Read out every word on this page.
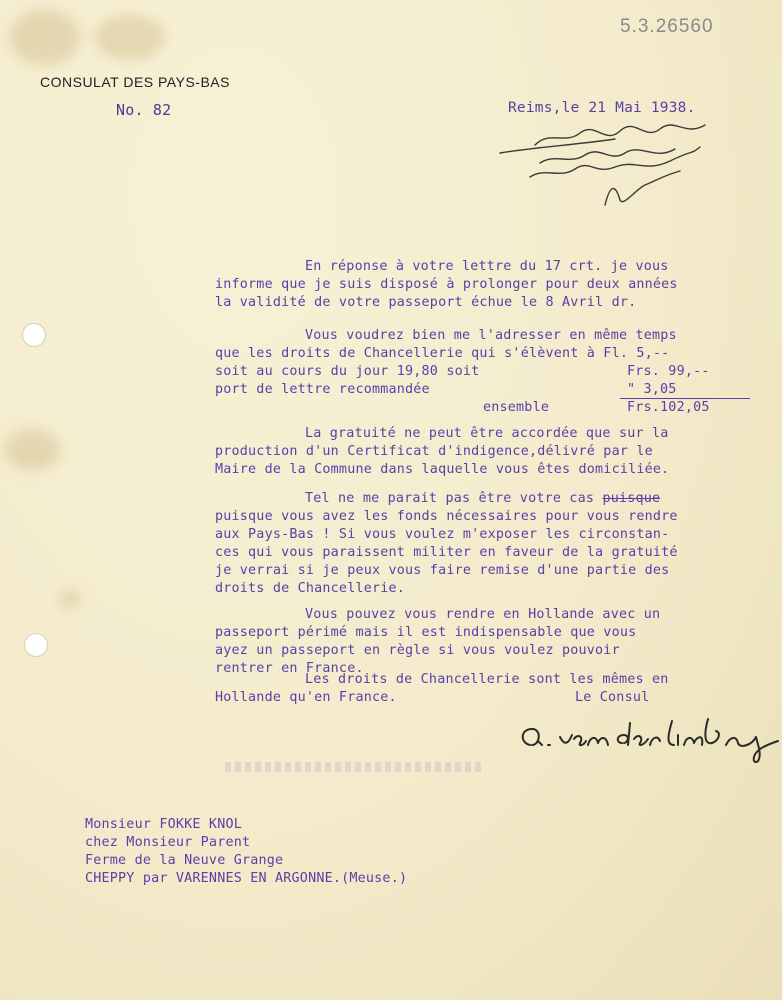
5.3.26560
CONSULAT DES PAYS-BAS
No. 82	Reims,le 21 Mai 1938.
En réponse à votre lettre du 17 crt. je vous
informe que je suis disposé à prolonger pour deux années
la validité de votre passeport échue le 8 Avril dr.
Vous voudrez bien me l'adresser en même temps
que les droits de Chancellerie qui s'élèvent à Fl. 5,--
soit au cours du jour 19,80 soit	Frs. 99,--
port de lettre recommandée	" 3,05
ensemble	Frs.102,05
La gratuité ne peut être accordée que sur la
production d'un Certificat d'indigence,délivré par le
Maire de la Commune dans laquelle vous êtes domiciliée.
Tel ne me parait pas être votre cas puisque
puisque vous avez les fonds nécessaires pour vous rendre
aux Pays-Bas ! Si vous voulez m'exposer les circonstan-
ces qui vous paraissent militer en faveur de la gratuité
je verrai si je peux vous faire remise d'une partie des
droits de Chancellerie.
Vous pouvez vous rendre en Hollande avec un
passeport périmé mais il est indispensable que vous
ayez un passeport en règle si vous voulez pouvoir
rentrer en France.
Les droits de Chancellerie sont les mêmes en
Hollande qu'en France.	Le Consul
Monsieur FOKKE KNOL
chez Monsieur Parent
Ferme de la Neuve Grange
CHEPPY par VARENNES EN ARGONNE.(Meuse.)
